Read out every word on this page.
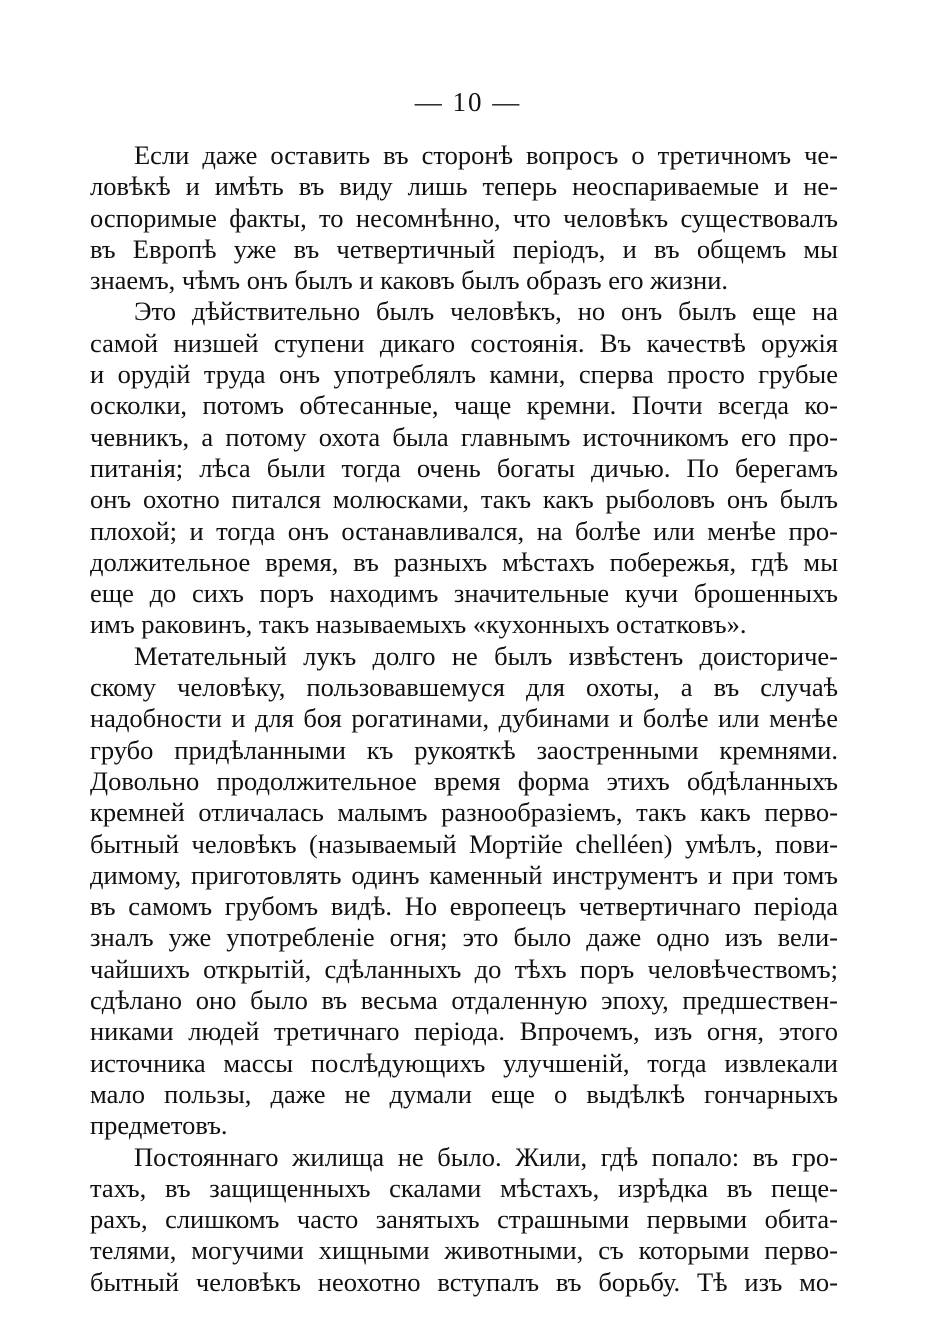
— 10 —
Если даже оставить въ сторонѣ вопросъ о третичномъ че-
ловѣкѣ и имѣть въ виду лишь теперь неоспариваемые и не-
оспоримые факты, то несомнѣнно, что человѣкъ существовалъ
въ Европѣ уже въ четвертичный періодъ, и въ общемъ мы
знаемъ, чѣмъ онъ былъ и каковъ былъ образъ его жизни.
Это дѣйствительно былъ человѣкъ, но онъ былъ еще на
самой низшей ступени дикаго состоянія. Въ качествѣ оружія
и орудій труда онъ употреблялъ камни, сперва просто грубые
осколки, потомъ обтесанные, чаще кремни. Почти всегда ко-
чевникъ, а потому охота была главнымъ источникомъ его про-
питанія; лѣса были тогда очень богаты дичью. По берегамъ
онъ охотно питался молюсками, такъ какъ рыболовъ онъ былъ
плохой; и тогда онъ останавливался, на болѣе или менѣе про-
должительное время, въ разныхъ мѣстахъ побережья, гдѣ мы
еще до сихъ поръ находимъ значительные кучи брошенныхъ
имъ раковинъ, такъ называемыхъ «кухонныхъ остатковъ».
Метательный лукъ долго не былъ извѣстенъ доисториче-
скому человѣку, пользовавшемуся для охоты, а въ случаѣ
надобности и для боя рогатинами, дубинами и болѣе или менѣе
грубо придѣланными къ рукояткѣ заостренными кремнями.
Довольно продолжительное время форма этихъ обдѣланныхъ
кремней отличалась малымъ разнообразіемъ, такъ какъ перво-
бытный человѣкъ (называемый Мортійе chelléen) умѣлъ, пови-
димому, приготовлять одинъ каменный инструментъ и при томъ
въ самомъ грубомъ видѣ. Но европеецъ четвертичнаго періода
зналъ уже употребленіе огня; это было даже одно изъ вели-
чайшихъ открытій, сдѣланныхъ до тѣхъ поръ человѣчествомъ;
сдѣлано оно было въ весьма отдаленную эпоху, предшествен-
никами людей третичнаго періода. Впрочемъ, изъ огня, этого
источника массы послѣдующихъ улучшеній, тогда извлекали
мало пользы, даже не думали еще о выдѣлкѣ гончарныхъ
предметовъ.
Постояннаго жилища не было. Жили, гдѣ попало: въ гро-
тахъ, въ защищенныхъ скалами мѣстахъ, изрѣдка въ пеще-
рахъ, слишкомъ часто занятыхъ страшными первыми обита-
телями, могучими хищными животными, съ которыми перво-
бытный человѣкъ неохотно вступалъ въ борьбу. Тѣ изъ мо-
